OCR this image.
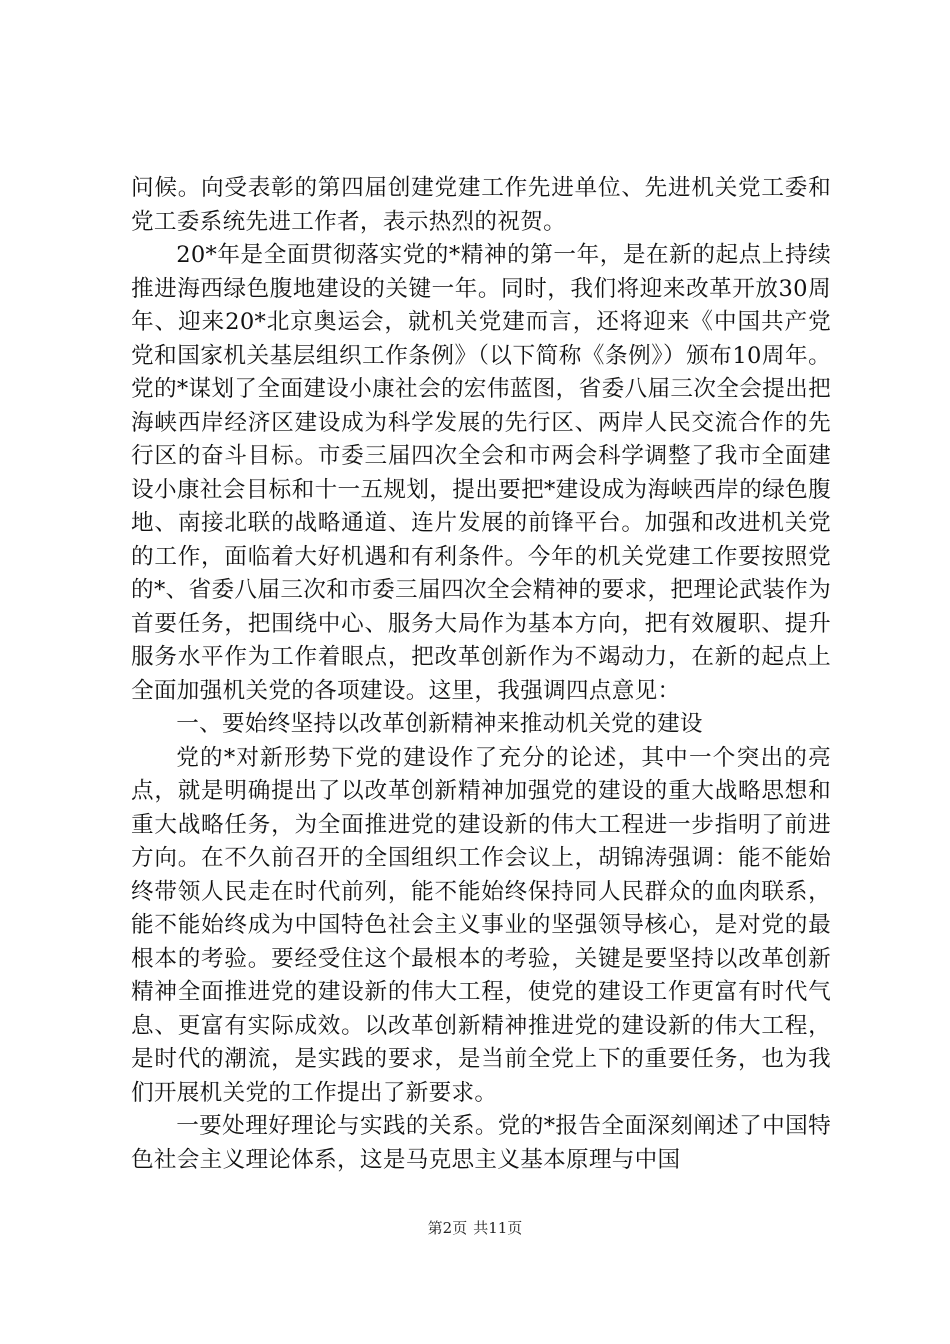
问候。向受表彰的第四届创建党建工作先进单位、先进机关党工委和党工委系统先进工作者，表示热烈的祝贺。

20*年是全面贯彻落实党的*精神的第一年，是在新的起点上持续推进海西绿色腹地建设的关键一年。同时，我们将迎来改革开放30周年、迎来20*北京奥运会，就机关党建而言，还将迎来《中国共产党党和国家机关基层组织工作条例》（以下简称《条例》）颁布10周年。党的*谋划了全面建设小康社会的宏伟蓝图，省委八届三次全会提出把海峡西岸经济区建设成为科学发展的先行区、两岸人民交流合作的先行区的奋斗目标。市委三届四次全会和市两会科学调整了我市全面建设小康社会目标和十一五规划，提出要把*建设成为海峡西岸的绿色腹地、南接北联的战略通道、连片发展的前锋平台。加强和改进机关党的工作，面临着大好机遇和有利条件。今年的机关党建工作要按照党的*、省委八届三次和市委三届四次全会精神的要求，把理论武装作为首要任务，把围绕中心、服务大局作为基本方向，把有效履职、提升服务水平作为工作着眼点，把改革创新作为不竭动力，在新的起点上全面加强机关党的各项建设。这里，我强调四点意见：

一、要始终坚持以改革创新精神来推动机关党的建设

党的*对新形势下党的建设作了充分的论述，其中一个突出的亮点，就是明确提出了以改革创新精神加强党的建设的重大战略思想和重大战略任务，为全面推进党的建设新的伟大工程进一步指明了前进方向。在不久前召开的全国组织工作会议上，胡锦涛强调：能不能始终带领人民走在时代前列，能不能始终保持同人民群众的血肉联系，能不能始终成为中国特色社会主义事业的坚强领导核心，是对党的最根本的考验。要经受住这个最根本的考验，关键是要坚持以改革创新精神全面推进党的建设新的伟大工程，使党的建设工作更富有时代气息、更富有实际成效。以改革创新精神推进党的建设新的伟大工程，是时代的潮流，是实践的要求，是当前全党上下的重要任务，也为我们开展机关党的工作提出了新要求。

一要处理好理论与实践的关系。党的*报告全面深刻阐述了中国特色社会主义理论体系，这是马克思主义基本原理与中国

第2页 共11页
